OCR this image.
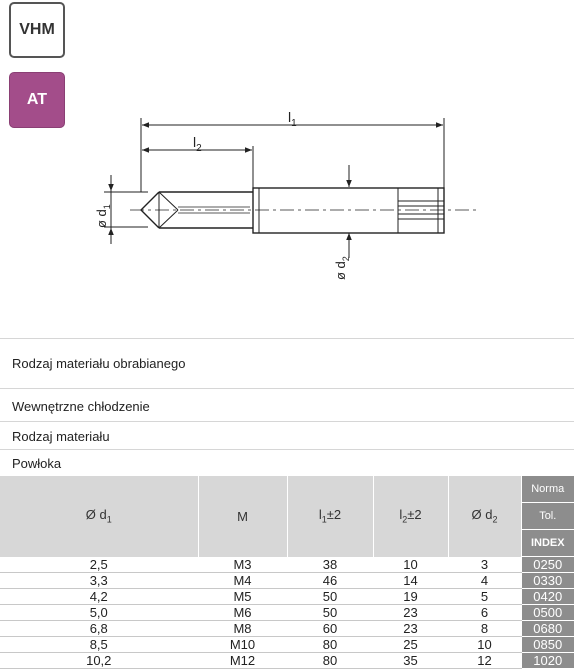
VHM
AT
$l_1$
$l_2$
ø $d_1$
ø $d_2$
Rodzaj materiału obrabianego
Wewnętrzne chłodzenie
Rodzaj materiału
Powłoka
Ø $d_1$	M	$l_1\pm 2$	$l_2\pm 2$	Ø $d_2$	Norma
					Tol.
					INDEX
2,5	M3	38	10	3	0250
3,3	M4	46	14	4	0330
4,2	M5	50	19	5	0420
5,0	M6	50	23	6	0500
6,8	M8	60	23	8	0680
8,5	M10	80	25	10	0850
10,2	M12	80	35	12	1020
